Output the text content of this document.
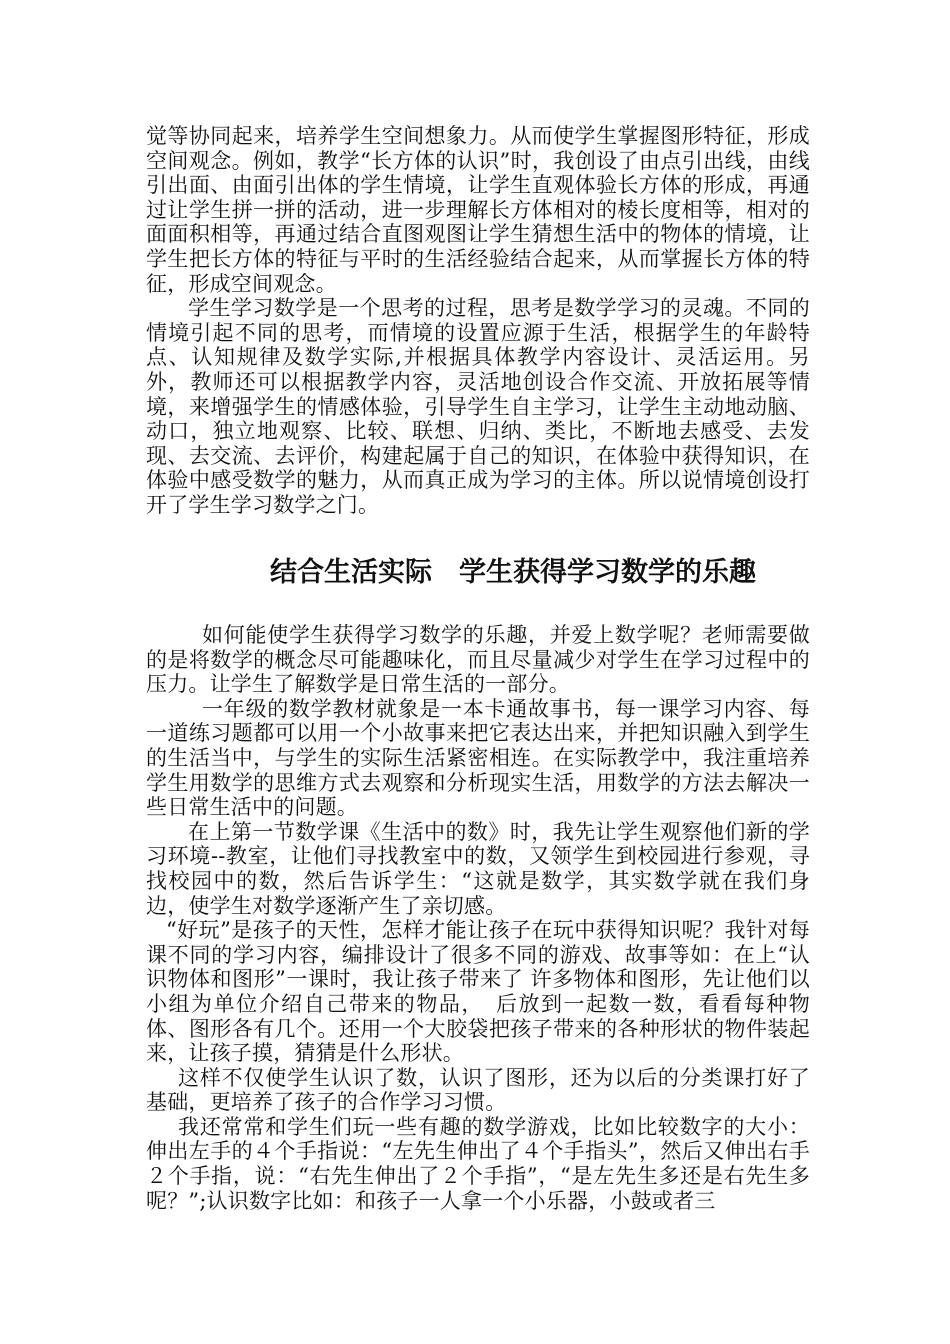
觉等协同起来，培养学生空间想象力。从而使学生掌握图形特征，形成空间观念。例如，教学“长方体的认识”时，我创设了由点引出线，由线引出面、由面引出体的学生情境，让学生直观体验长方体的形成，再通过让学生拼一拼的活动，进一步理解长方体相对的棱长度相等，相对的面面积相等，再通过结合直图观图让学生猜想生活中的物体的情境，让学生把长方体的特征与平时的生活经验结合起来，从而掌握长方体的特征，形成空间观念。

学生学习数学是一个思考的过程，思考是数学学习的灵魂。不同的情境引起不同的思考，而情境的设置应源于生活，根据学生的年龄特点、认知规律及数学实际,并根据具体教学内容设计、灵活运用。另外，教师还可以根据教学内容，灵活地创设合作交流、开放拓展等情境，来增强学生的情感体验，引导学生自主学习，让学生主动地动脑、动口，独立地观察、比较、联想、归纳、类比，不断地去感受、去发现、去交流、去评价，构建起属于自己的知识，在体验中获得知识，在体验中感受数学的魅力，从而真正成为学习的主体。所以说情境创设打开了学生学习数学之门。

结合生活实际　学生获得学习数学的乐趣

如何能使学生获得学习数学的乐趣，并爱上数学呢？老师需要做的是将数学的概念尽可能趣味化，而且尽量减少对学生在学习过程中的压力。让学生了解数学是日常生活的一部分。

一年级的数学教材就象是一本卡通故事书，每一课学习内容、每一道练习题都可以用一个小故事来把它表达出来，并把知识融入到学生的生活当中，与学生的实际生活紧密相连。在实际教学中，我注重培养学生用数学的思维方式去观察和分析现实生活，用数学的方法去解决一些日常生活中的问题。

在上第一节数学课《生活中的数》时，我先让学生观察他们新的学习环境--教室，让他们寻找教室中的数，又领学生到校园进行参观，寻找校园中的数，然后告诉学生：“这就是数学，其实数学就在我们身边，使学生对数学逐渐产生了亲切感。

“好玩”是孩子的天性，怎样才能让孩子在玩中获得知识呢？我针对每课不同的学习内容，编排设计了很多不同的游戏、故事等如：在上“认识物体和图形”一课时，我让孩子带来了 许多物体和图形，先让他们以小组为单位介绍自己带来的物品，　后放到一起数一数，看看每种物体、图形各有几个。还用一个大胶袋把孩子带来的各种形状的物件装起来，让孩子摸，猜猜是什么形状。

这样不仅使学生认识了数，认识了图形，还为以后的分类课打好了基础，更培养了孩子的合作学习习惯。

我还常常和学生们玩一些有趣的数学游戏，比如比较数字的大小：伸出左手的４个手指说：“左先生伸出了４个手指头”，然后又伸出右手２个手指，说：“右先生伸出了２个手指”，“是左先生多还是右先生多呢？”;认识数字比如：和孩子一人拿一个小乐器，小鼓或者三
